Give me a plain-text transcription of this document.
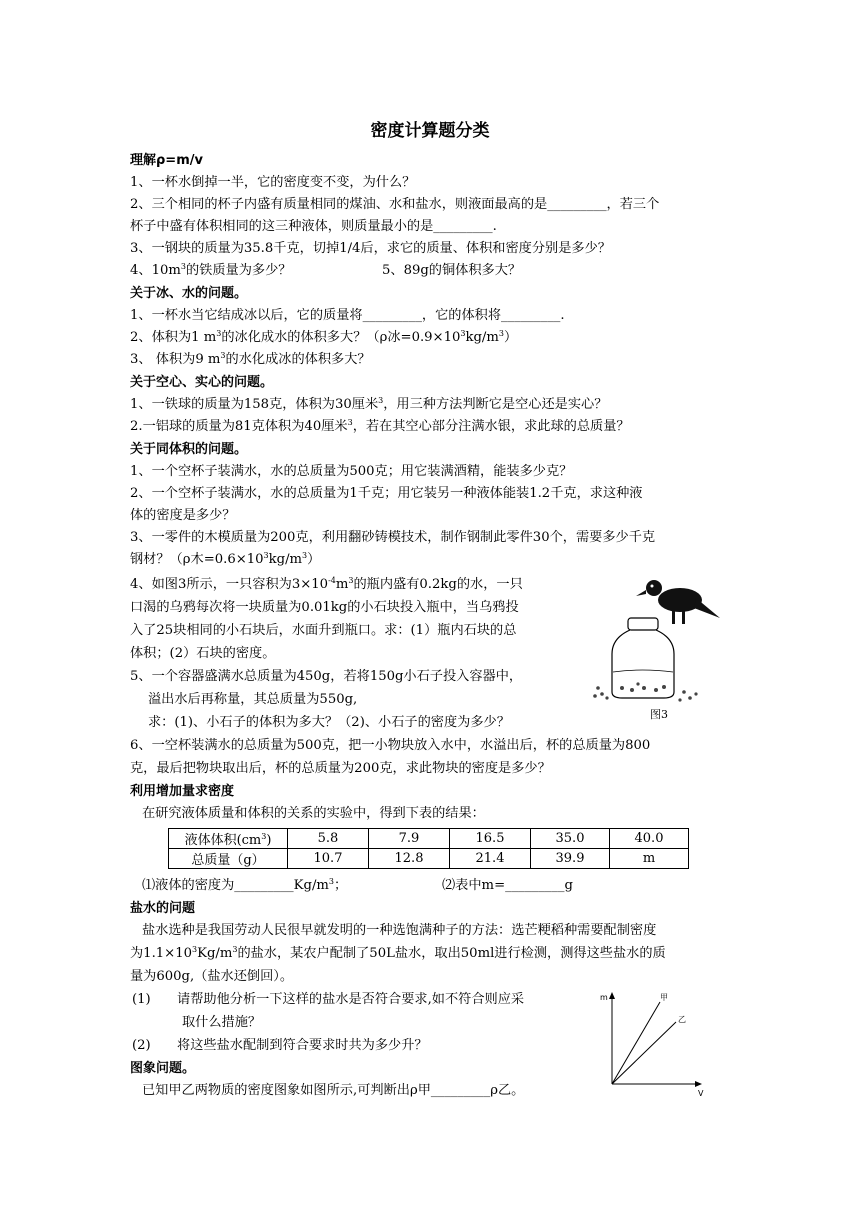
密度计算题分类
理解ρ=m/v
1、一杯水倒掉一半，它的密度变不变，为什么？
2、三个相同的杯子内盛有质量相同的煤油、水和盐水，则液面最高的是_________，若三个
杯子中盛有体积相同的这三种液体，则质量最小的是_________.
3、一钢块的质量为35.8千克，切掉1/4后，求它的质量、体积和密度分别是多少？
4、$10m^3$的铁质量为多少？	5、89g的铜体积多大？
关于冰、水的问题。
1、一杯水当它结成冰以后，它的质量将_________，它的体积将_________.
2、体积为1 $m^3$的冰化成水的体积多大？（ρ冰$=0.9\times 10^3kg/m^3$）
3、 体积为9 $m^3$的水化成冰的体积多大？
关于空心、实心的问题。
1、一铁球的质量为158克，体积为30厘米$^3$，用三种方法判断它是空心还是实心？
2.一铝球的质量为81克体积为40厘米$^3$，若在其空心部分注满水银，求此球的总质量？
关于同体积的问题。
1、一个空杯子装满水，水的总质量为500克；用它装满酒精，能装多少克？
2、一个空杯子装满水，水的总质量为1千克；用它装另一种液体能装1.2千克，求这种液
体的密度是多少？
3、一零件的木模质量为200克，利用翻砂铸模技术，制作钢制此零件30个，需要多少千克
钢材？（ρ木$=0.6\times 10^3kg/m^3$）
4、如图3所示，一只容积为$3\times 10^{-4}m^3$的瓶内盛有0.2kg的水，一只
口渴的乌鸦每次将一块质量为0.01kg的小石块投入瓶中，当乌鸦投
入了25块相同的小石块后，水面升到瓶口。求：(1）瓶内石块的总
体积；(2）石块的密度。
5、一个容器盛满水总质量为450g，若将150g小石子投入容器中，
溢出水后再称量，其总质量为550g,
求：(1)、小石子的体积为多大？（2)、小石子的密度为多少？
6、一空杯装满水的总质量为500克，把一小物块放入水中，水溢出后，杯的总质量为800
克，最后把物块取出后，杯的总质量为200克，求此物块的密度是多少？
图3
利用增加量求密度
在研究液体质量和体积的关系的实验中，得到下表的结果：
液体体积$(cm^3)$	5.8	7.9	16.5	35.0	40.0
总质量（g）	10.7	12.8	21.4	39.9	m
⑴液体的密度为$\_\_\_\_\_\_\_\_\_Kg/m^3$；	⑵表中m=_________g
盐水的问题
盐水选种是我国劳动人民很早就发明的一种选饱满种子的方法：选芒粳稻种需要配制密度
为$1.1\times 10^3Kg/m^3$的盐水，某农户配制了50L盐水，取出50ml进行检测，测得这些盐水的质
量为600g,（盐水还倒回）。
(1)　　请帮助他分析一下这样的盐水是否符合要求,如不符合则应采
取什么措施？
(2)　　将这些盐水配制到符合要求时共为多少升？
m
V
甲
乙
图象问题。
已知甲乙两物质的密度图象如图所示,可判断出ρ甲_________ρ乙。
